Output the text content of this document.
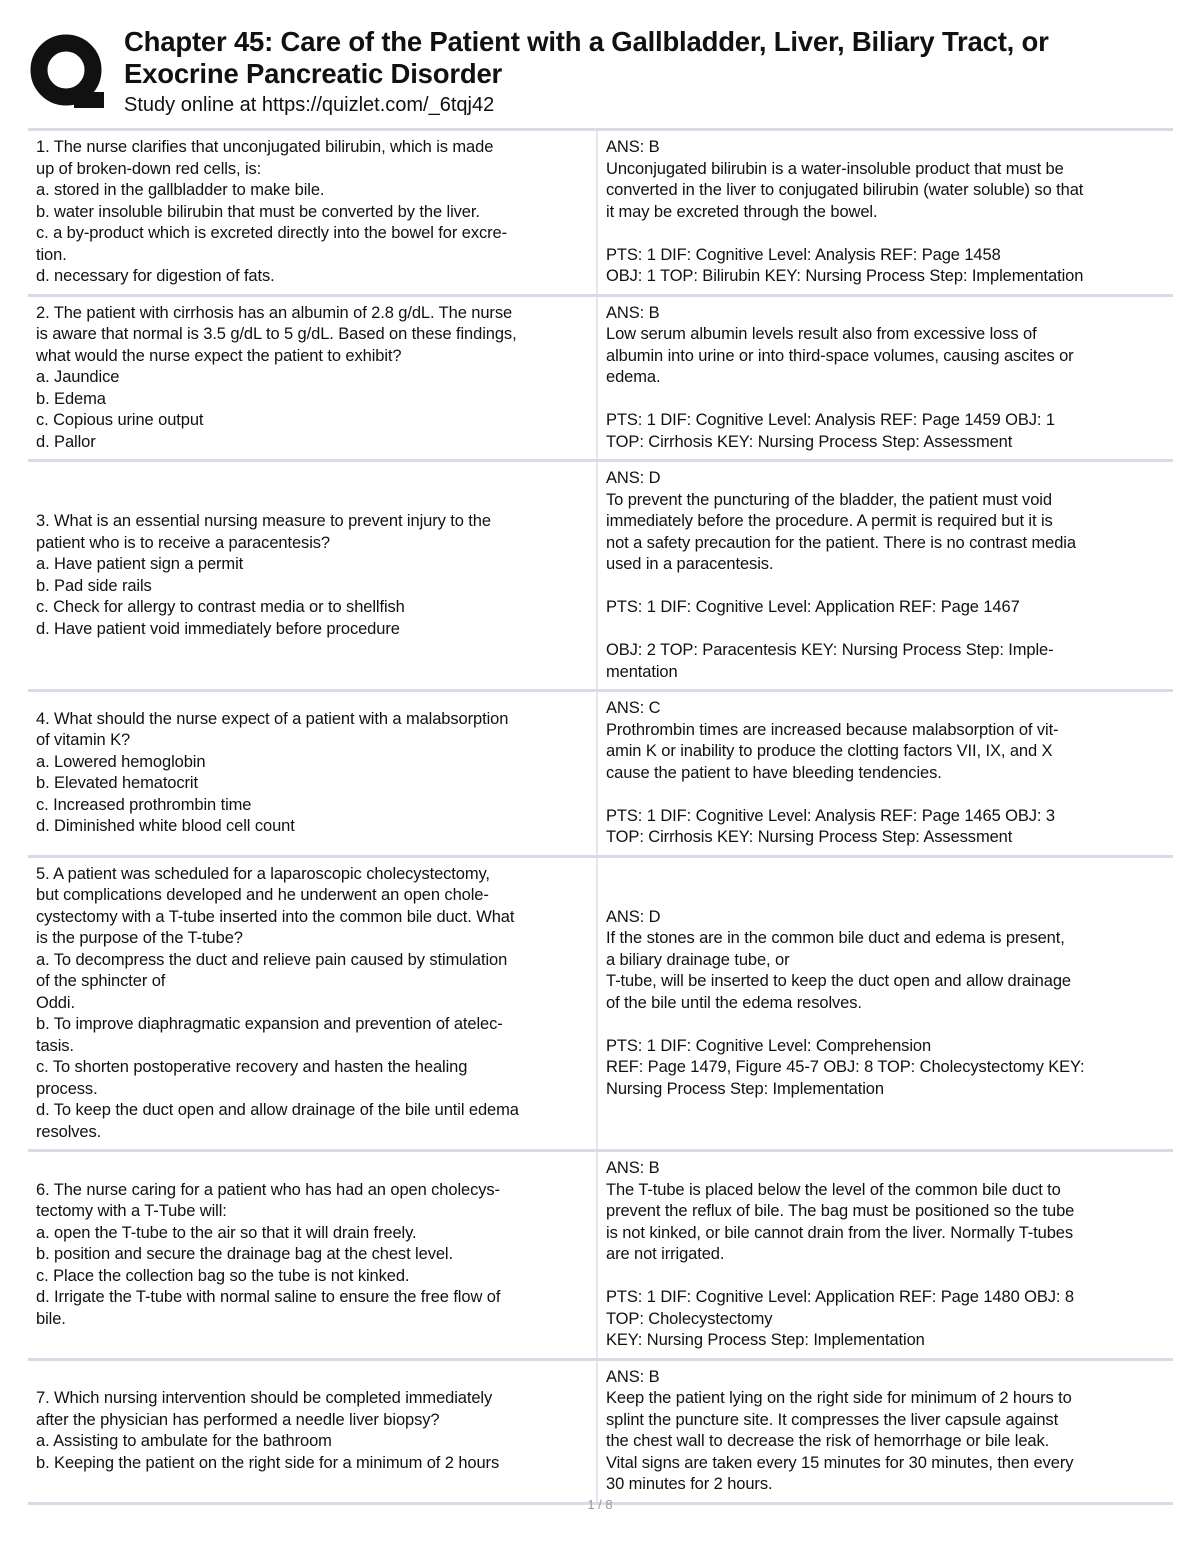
Chapter 45: Care of the Patient with a Gallbladder, Liver, Biliary Tract, or
Exocrine Pancreatic Disorder
Study online at https://quizlet.com/_6tqj42
1. The nurse clarifies that unconjugated bilirubin, which is made
up of broken-down red cells, is:
a. stored in the gallbladder to make bile.
b. water insoluble bilirubin that must be converted by the liver.
c. a by-product which is excreted directly into the bowel for excre-
tion.
d. necessary for digestion of fats.
ANS: B
Unconjugated bilirubin is a water-insoluble product that must be
converted in the liver to conjugated bilirubin (water soluble) so that
it may be excreted through the bowel.
PTS: 1 DIF: Cognitive Level: Analysis REF: Page 1458
OBJ: 1 TOP: Bilirubin KEY: Nursing Process Step: Implementation
2. The patient with cirrhosis has an albumin of 2.8 g/dL. The nurse
is aware that normal is 3.5 g/dL to 5 g/dL. Based on these findings,
what would the nurse expect the patient to exhibit?
a. Jaundice
b. Edema
c. Copious urine output
d. Pallor
ANS: B
Low serum albumin levels result also from excessive loss of
albumin into urine or into third-space volumes, causing ascites or
edema.
PTS: 1 DIF: Cognitive Level: Analysis REF: Page 1459 OBJ: 1
TOP: Cirrhosis KEY: Nursing Process Step: Assessment
3. What is an essential nursing measure to prevent injury to the
patient who is to receive a paracentesis?
a. Have patient sign a permit
b. Pad side rails
c. Check for allergy to contrast media or to shellfish
d. Have patient void immediately before procedure
ANS: D
To prevent the puncturing of the bladder, the patient must void
immediately before the procedure. A permit is required but it is
not a safety precaution for the patient. There is no contrast media
used in a paracentesis.
PTS: 1 DIF: Cognitive Level: Application REF: Page 1467
OBJ: 2 TOP: Paracentesis KEY: Nursing Process Step: Imple-
mentation
4. What should the nurse expect of a patient with a malabsorption
of vitamin K?
a. Lowered hemoglobin
b. Elevated hematocrit
c. Increased prothrombin time
d. Diminished white blood cell count
ANS: C
Prothrombin times are increased because malabsorption of vit-
amin K or inability to produce the clotting factors VII, IX, and X
cause the patient to have bleeding tendencies.
PTS: 1 DIF: Cognitive Level: Analysis REF: Page 1465 OBJ: 3
TOP: Cirrhosis KEY: Nursing Process Step: Assessment
5. A patient was scheduled for a laparoscopic cholecystectomy,
but complications developed and he underwent an open chole-
cystectomy with a T-tube inserted into the common bile duct. What
is the purpose of the T-tube?
a. To decompress the duct and relieve pain caused by stimulation
of the sphincter of
Oddi.
b. To improve diaphragmatic expansion and prevention of atelec-
tasis.
c. To shorten postoperative recovery and hasten the healing
process.
d. To keep the duct open and allow drainage of the bile until edema
resolves.
ANS: D
If the stones are in the common bile duct and edema is present,
a biliary drainage tube, or
T-tube, will be inserted to keep the duct open and allow drainage
of the bile until the edema resolves.
PTS: 1 DIF: Cognitive Level: Comprehension
REF: Page 1479, Figure 45-7 OBJ: 8 TOP: Cholecystectomy KEY:
Nursing Process Step: Implementation
6. The nurse caring for a patient who has had an open cholecys-
tectomy with a T-Tube will:
a. open the T-tube to the air so that it will drain freely.
b. position and secure the drainage bag at the chest level.
c. Place the collection bag so the tube is not kinked.
d. Irrigate the T-tube with normal saline to ensure the free flow of
bile.
ANS: B
The T-tube is placed below the level of the common bile duct to
prevent the reflux of bile. The bag must be positioned so the tube
is not kinked, or bile cannot drain from the liver. Normally T-tubes
are not irrigated.
PTS: 1 DIF: Cognitive Level: Application REF: Page 1480 OBJ: 8
TOP: Cholecystectomy
KEY: Nursing Process Step: Implementation
7. Which nursing intervention should be completed immediately
after the physician has performed a needle liver biopsy?
a. Assisting to ambulate for the bathroom
b. Keeping the patient on the right side for a minimum of 2 hours
ANS: B
Keep the patient lying on the right side for minimum of 2 hours to
splint the puncture site. It compresses the liver capsule against
the chest wall to decrease the risk of hemorrhage or bile leak.
Vital signs are taken every 15 minutes for 30 minutes, then every
30 minutes for 2 hours.
1 / 8
